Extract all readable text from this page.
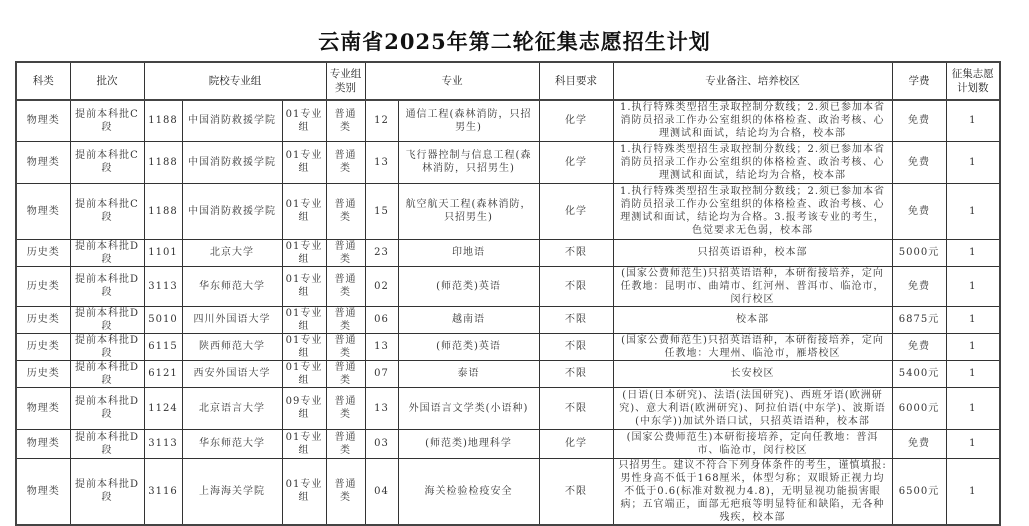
云南省2025年第二轮征集志愿招生计划
科类	批次	院校专业组			专业组类别	专业		科目要求	专业备注、培养校区	学费	征集志愿计划数
物理类	提前本科批C段	1188	中国消防救援学院	01专业组	普通类	12	通信工程(森林消防，只招男生)	化学	1.执行特殊类型招生录取控制分数线；2.须已参加本省消防员招录工作办公室组织的体格检查、政治考核、心理测试和面试，结论均为合格，校本部	免费	1
物理类	提前本科批C段	1188	中国消防救援学院	01专业组	普通类	13	飞行器控制与信息工程(森林消防，只招男生)	化学	1.执行特殊类型招生录取控制分数线；2.须已参加本省消防员招录工作办公室组织的体格检查、政治考核、心理测试和面试，结论均为合格，校本部	免费	1
物理类	提前本科批C段	1188	中国消防救援学院	01专业组	普通类	15	航空航天工程(森林消防，只招男生)	化学	1.执行特殊类型招生录取控制分数线；2.须已参加本省消防员招录工作办公室组织的体格检查、政治考核、心理测试和面试，结论均为合格。3.报考该专业的考生，色觉要求无色弱，校本部	免费	1
历史类	提前本科批D段	1101	北京大学	01专业组	普通类	23	印地语	不限	只招英语语种，校本部	5000元	1
历史类	提前本科批D段	3113	华东师范大学	01专业组	普通类	02	(师范类)英语	不限	(国家公费师范生)只招英语语种，本研衔接培养，定向任教地：昆明市、曲靖市、红河州、普洱市、临沧市，闵行校区	免费	1
历史类	提前本科批D段	5010	四川外国语大学	01专业组	普通类	06	越南语	不限	校本部	6875元	1
历史类	提前本科批D段	6115	陕西师范大学	01专业组	普通类	13	(师范类)英语	不限	(国家公费师范生)只招英语语种，本研衔接培养，定向任教地：大理州、临沧市，雁塔校区	免费	1
历史类	提前本科批D段	6121	西安外国语大学	01专业组	普通类	07	泰语	不限	长安校区	5400元	1
物理类	提前本科批D段	1124	北京语言大学	09专业组	普通类	13	外国语言文学类(小语种)	不限	(日语(日本研究)、法语(法国研究)、西班牙语(欧洲研究)、意大利语(欧洲研究)、阿拉伯语(中东学)、波斯语(中东学))加试外语口试，只招英语语种，校本部	6000元	1
物理类	提前本科批D段	3113	华东师范大学	01专业组	普通类	03	(师范类)地理科学	化学	(国家公费师范生)本研衔接培养，定向任教地：普洱市、临沧市，闵行校区	免费	1
物理类	提前本科批D段	3116	上海海关学院	01专业组	普通类	04	海关检验检疫安全	不限	只招男生。建议不符合下列身体条件的考生，谨慎填报:男性身高不低于168厘米，体型匀称；双眼矫正视力均不低于0.6(标准对数视力4.8)，无明显视功能损害眼病；五官端正，面部无疤痕等明显特征和缺陷，无各种残疾，校本部	6500元	1
